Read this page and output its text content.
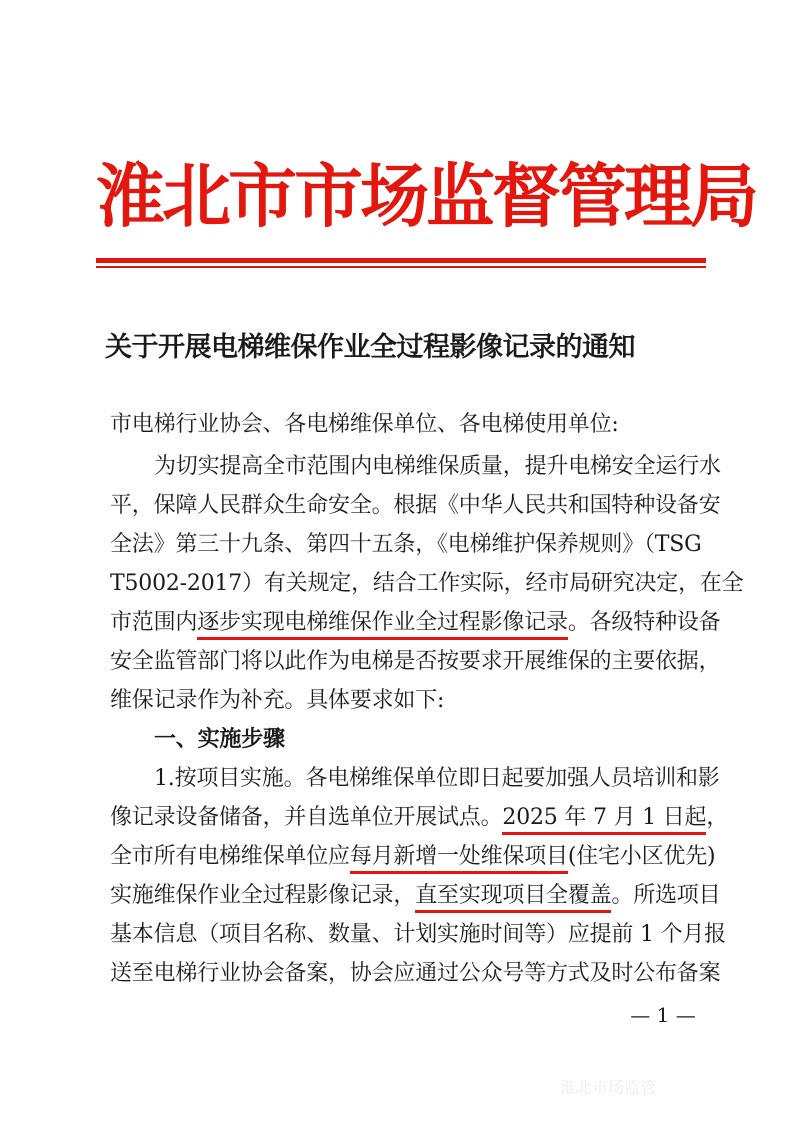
淮北市市场监督管理局
关于开展电梯维保作业全过程影像记录的通知
市电梯行业协会、各电梯维保单位、各电梯使用单位:
为切实提高全市范围内电梯维保质量，提升电梯安全运行水
平，保障人民群众生命安全。根据《中华人民共和国特种设备安
全法》第三十九条、第四十五条，《电梯维护保养规则》（TSG
T5002-2017）有关规定，结合工作实际，经市局研究决定，在全
市范围内逐步实现电梯维保作业全过程影像记录。各级特种设备
安全监管部门将以此作为电梯是否按要求开展维保的主要依据，
维保记录作为补充。具体要求如下:
一、实施步骤
1.按项目实施。各电梯维保单位即日起要加强人员培训和影
像记录设备储备，并自选单位开展试点。2025 年 7 月 1 日起，
全市所有电梯维保单位应每月新增一处维保项目(住宅小区优先)
实施维保作业全过程影像记录，直至实现项目全覆盖。所选项目
基本信息（项目名称、数量、计划实施时间等）应提前 1 个月报
送至电梯行业协会备案，协会应通过公众号等方式及时公布备案
— 1 —
淮北市场监管
